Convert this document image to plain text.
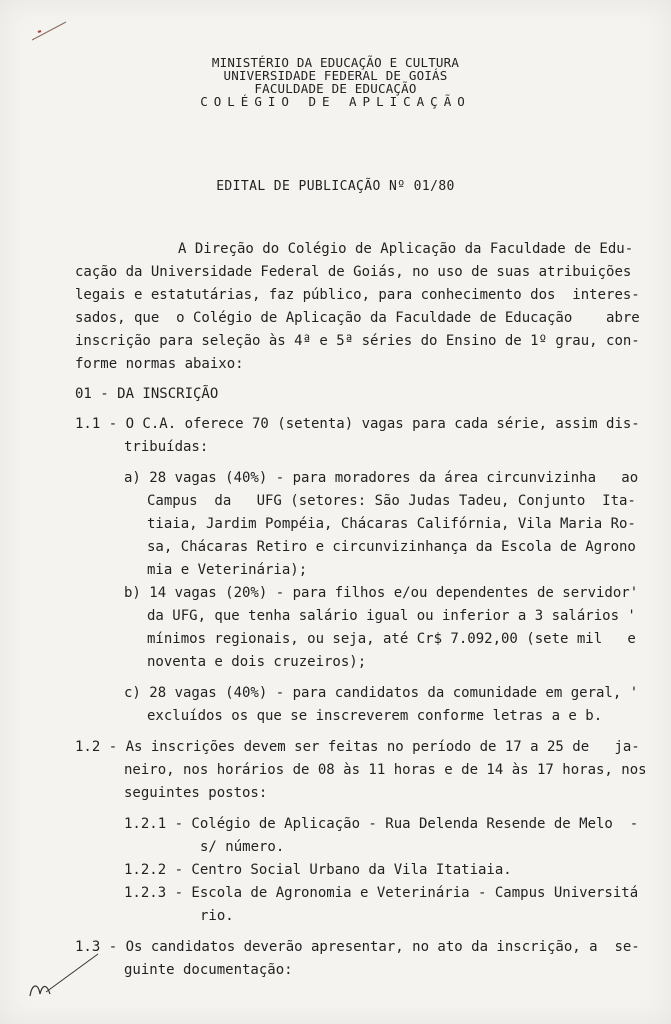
MINISTÉRIO DA EDUCAÇÃO E CULTURA
UNIVERSIDADE FEDERAL DE GOIÁS
FACULDADE DE EDUCAÇÃO
COLÉGIO DE APLICAÇÃO
EDITAL DE PUBLICAÇÃO Nº 01/80
A Direção do Colégio de Aplicação da Faculdade de Edu-
cação da Universidade Federal de Goiás, no uso de suas atribuições
legais e estatutárias, faz público, para conhecimento dos  interes-
sados, que  o Colégio de Aplicação da Faculdade de Educação    abre
inscrição para seleção às 4ª e 5ª séries do Ensino de 1º grau, con-
forme normas abaixo:
01 - DA INSCRIÇÃO
1.1 - O C.A. oferece 70 (setenta) vagas para cada série, assim dis-
tribuídas:
a) 28 vagas (40%) - para moradores da área circunvizinha   ao
Campus  da   UFG (setores: São Judas Tadeu, Conjunto  Ita-
tiaia, Jardim Pompéia, Chácaras Califórnia, Vila Maria Ro-
sa, Chácaras Retiro e circunvizinhança da Escola de Agrono
mia e Veterinária);
b) 14 vagas (20%) - para filhos e/ou dependentes de servidor'
da UFG, que tenha salário igual ou inferior a 3 salários '
mínimos regionais, ou seja, até Cr$ 7.092,00 (sete mil   e
noventa e dois cruzeiros);
c) 28 vagas (40%) - para candidatos da comunidade em geral, '
excluídos os que se inscreverem conforme letras a e b.
1.2 - As inscrições devem ser feitas no período de 17 a 25 de   ja-
neiro, nos horários de 08 às 11 horas e de 14 às 17 horas, nos
seguintes postos:
1.2.1 - Colégio de Aplicação - Rua Delenda Resende de Melo  -
s/ número.
1.2.2 - Centro Social Urbano da Vila Itatiaia.
1.2.3 - Escola de Agronomia e Veterinária - Campus Universitá
rio.
1.3 - Os candidatos deverão apresentar, no ato da inscrição, a  se-
guinte documentação:
